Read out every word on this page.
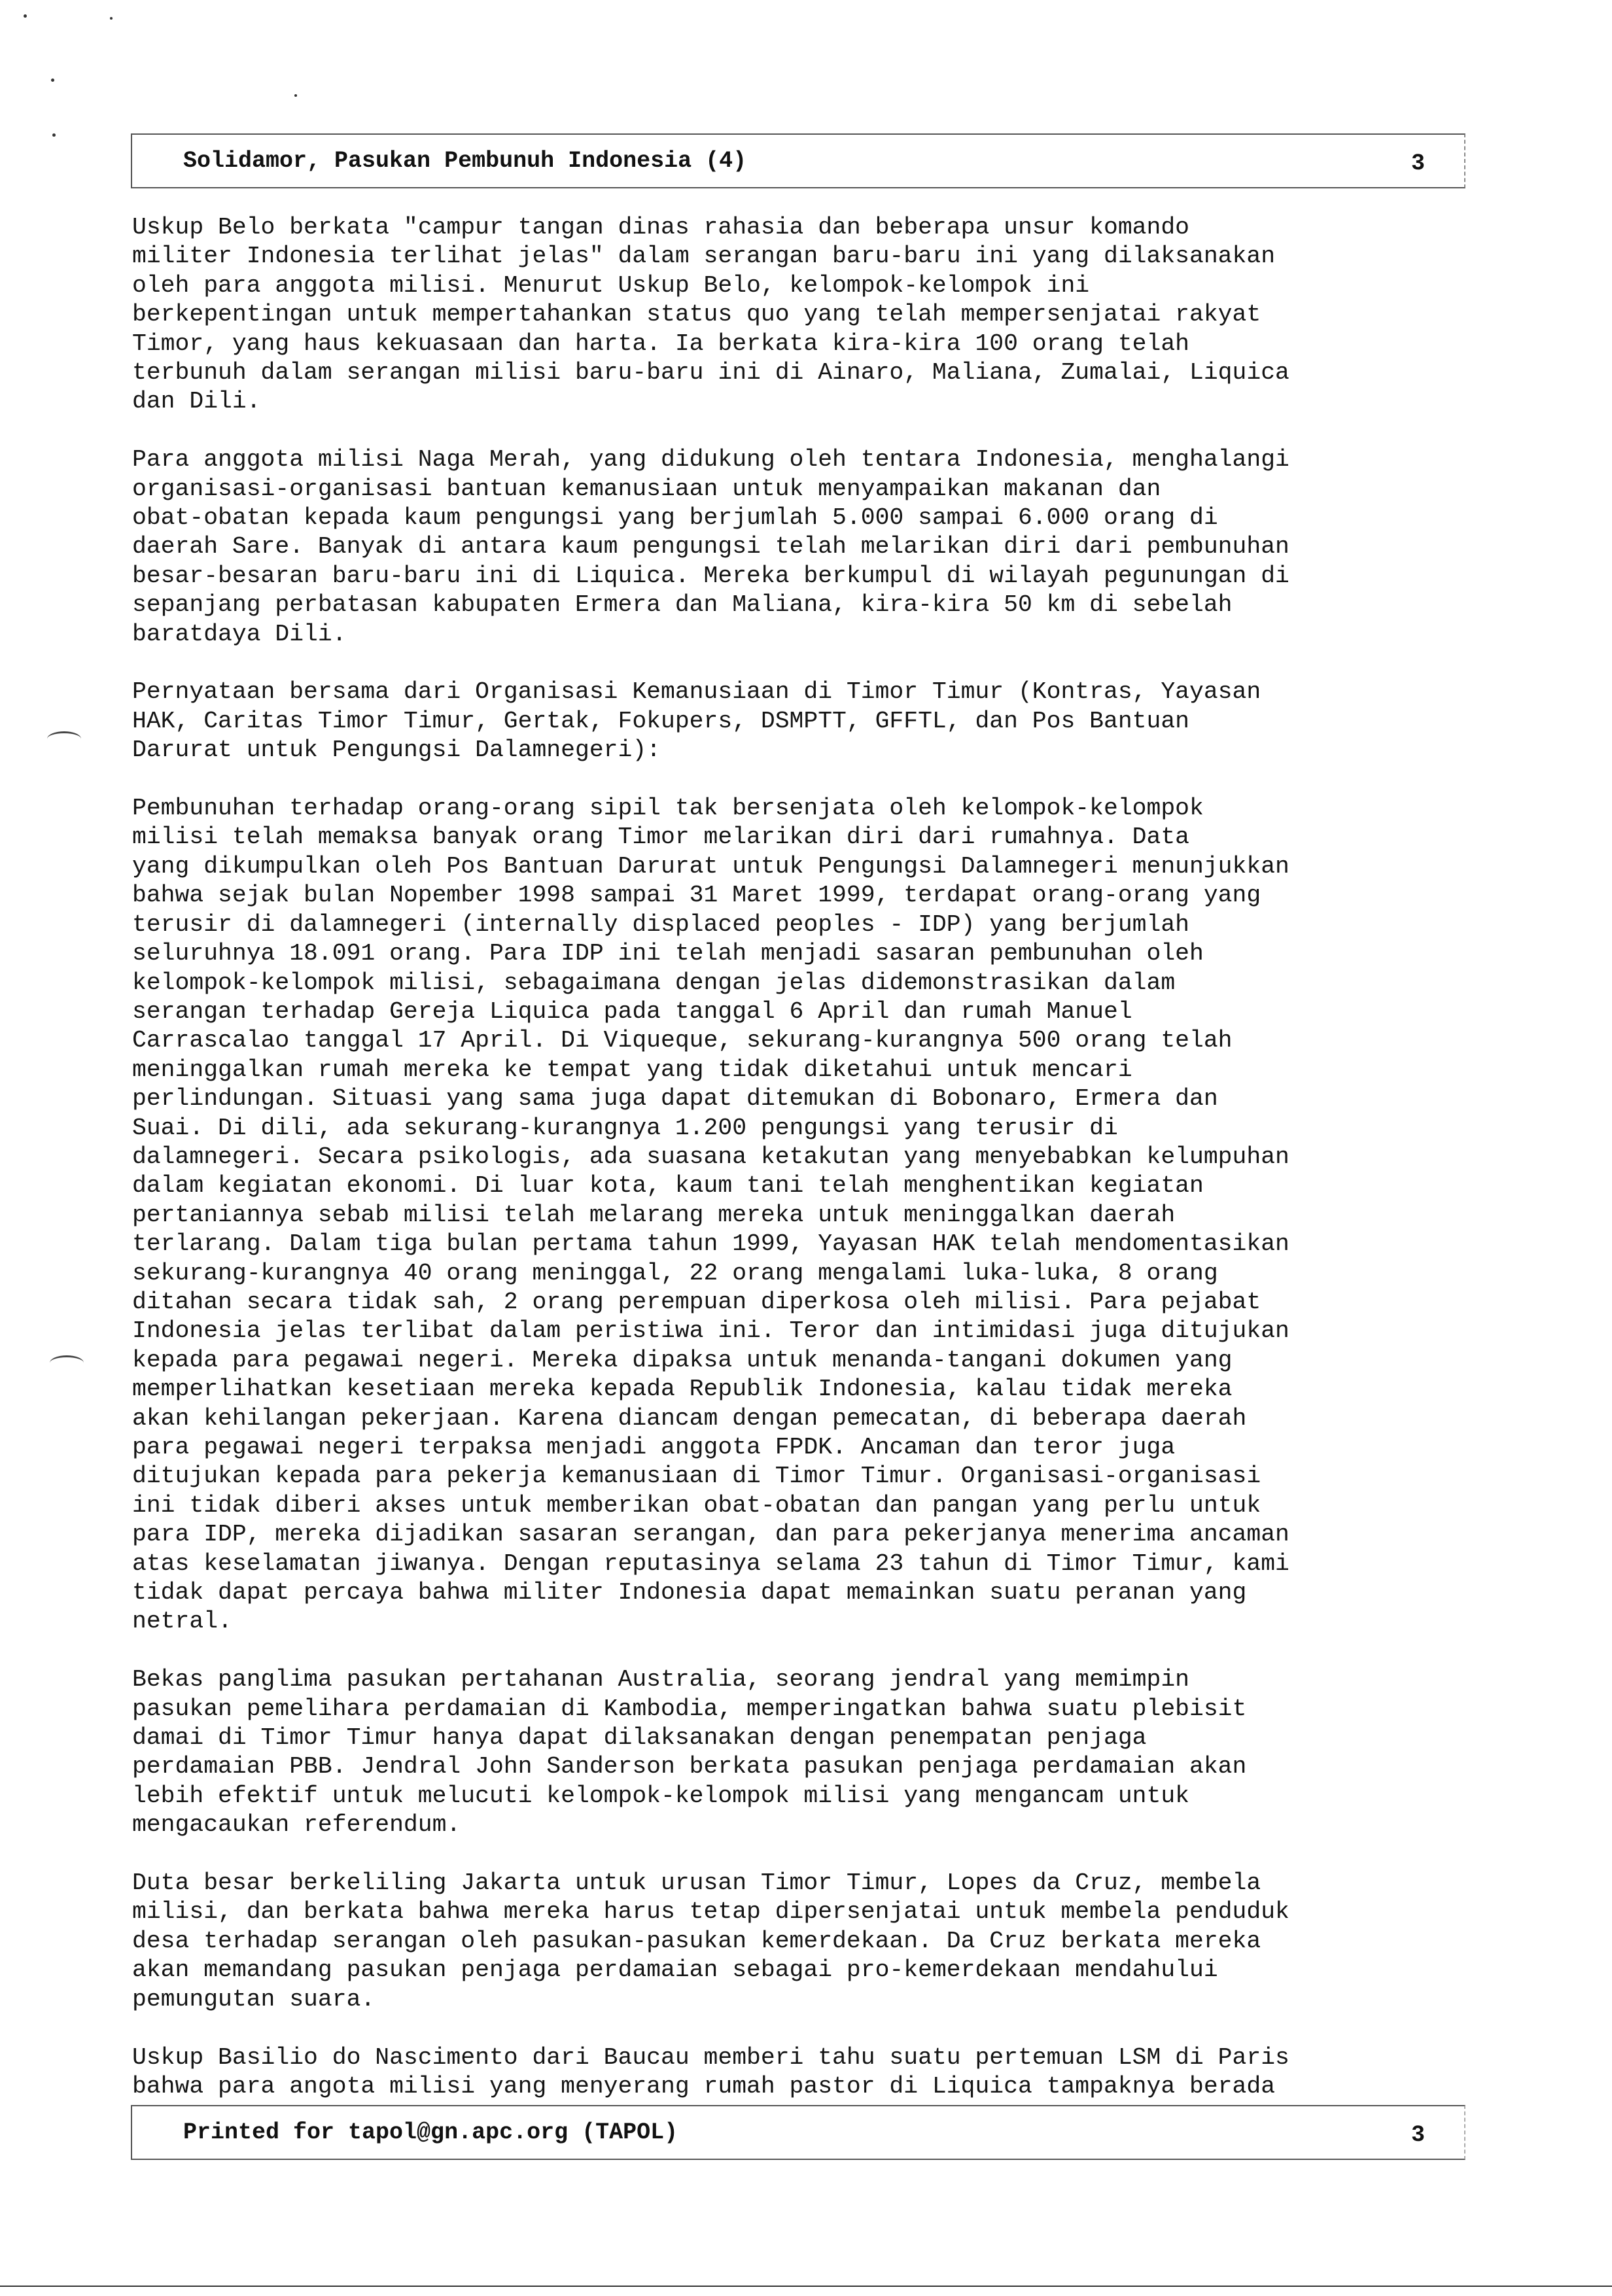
Solidamor, Pasukan Pembunuh Indonesia (4)	3

Uskup Belo berkata "campur tangan dinas rahasia dan beberapa unsur komando
militer Indonesia terlihat jelas" dalam serangan baru-baru ini yang dilaksanakan
oleh para anggota milisi. Menurut Uskup Belo, kelompok-kelompok ini
berkepentingan untuk mempertahankan status quo yang telah mempersenjatai rakyat
Timor, yang haus kekuasaan dan harta. Ia berkata kira-kira 100 orang telah
terbunuh dalam serangan milisi baru-baru ini di Ainaro, Maliana, Zumalai, Liquica
dan Dili.

Para anggota milisi Naga Merah, yang didukung oleh tentara Indonesia, menghalangi
organisasi-organisasi bantuan kemanusiaan untuk menyampaikan makanan dan
obat-obatan kepada kaum pengungsi yang berjumlah 5.000 sampai 6.000 orang di
daerah Sare. Banyak di antara kaum pengungsi telah melarikan diri dari pembunuhan
besar-besaran baru-baru ini di Liquica. Mereka berkumpul di wilayah pegunungan di
sepanjang perbatasan kabupaten Ermera dan Maliana, kira-kira 50 km di sebelah
baratdaya Dili.

Pernyataan bersama dari Organisasi Kemanusiaan di Timor Timur (Kontras, Yayasan
HAK, Caritas Timor Timur, Gertak, Fokupers, DSMPTT, GFFTL, dan Pos Bantuan
Darurat untuk Pengungsi Dalamnegeri):

Pembunuhan terhadap orang-orang sipil tak bersenjata oleh kelompok-kelompok
milisi telah memaksa banyak orang Timor melarikan diri dari rumahnya. Data
yang dikumpulkan oleh Pos Bantuan Darurat untuk Pengungsi Dalamnegeri menunjukkan
bahwa sejak bulan Nopember 1998 sampai 31 Maret 1999, terdapat orang-orang yang
terusir di dalamnegeri (internally displaced peoples - IDP) yang berjumlah
seluruhnya 18.091 orang. Para IDP ini telah menjadi sasaran pembunuhan oleh
kelompok-kelompok milisi, sebagaimana dengan jelas didemonstrasikan dalam
serangan terhadap Gereja Liquica pada tanggal 6 April dan rumah Manuel
Carrascalao tanggal 17 April. Di Viqueque, sekurang-kurangnya 500 orang telah
meninggalkan rumah mereka ke tempat yang tidak diketahui untuk mencari
perlindungan. Situasi yang sama juga dapat ditemukan di Bobonaro, Ermera dan
Suai. Di dili, ada sekurang-kurangnya 1.200 pengungsi yang terusir di
dalamnegeri. Secara psikologis, ada suasana ketakutan yang menyebabkan kelumpuhan
dalam kegiatan ekonomi. Di luar kota, kaum tani telah menghentikan kegiatan
pertaniannya sebab milisi telah melarang mereka untuk meninggalkan daerah
terlarang. Dalam tiga bulan pertama tahun 1999, Yayasan HAK telah mendomentasikan
sekurang-kurangnya 40 orang meninggal, 22 orang mengalami luka-luka, 8 orang
ditahan secara tidak sah, 2 orang perempuan diperkosa oleh milisi. Para pejabat
Indonesia jelas terlibat dalam peristiwa ini. Teror dan intimidasi juga ditujukan
kepada para pegawai negeri. Mereka dipaksa untuk menanda-tangani dokumen yang
memperlihatkan kesetiaan mereka kepada Republik Indonesia, kalau tidak mereka
akan kehilangan pekerjaan. Karena diancam dengan pemecatan, di beberapa daerah
para pegawai negeri terpaksa menjadi anggota FPDK. Ancaman dan teror juga
ditujukan kepada para pekerja kemanusiaan di Timor Timur. Organisasi-organisasi
ini tidak diberi akses untuk memberikan obat-obatan dan pangan yang perlu untuk
para IDP, mereka dijadikan sasaran serangan, dan para pekerjanya menerima ancaman
atas keselamatan jiwanya. Dengan reputasinya selama 23 tahun di Timor Timur, kami
tidak dapat percaya bahwa militer Indonesia dapat memainkan suatu peranan yang
netral.

Bekas panglima pasukan pertahanan Australia, seorang jendral yang memimpin
pasukan pemelihara perdamaian di Kambodia, memperingatkan bahwa suatu plebisit
damai di Timor Timur hanya dapat dilaksanakan dengan penempatan penjaga
perdamaian PBB. Jendral John Sanderson berkata pasukan penjaga perdamaian akan
lebih efektif untuk melucuti kelompok-kelompok milisi yang mengancam untuk
mengacaukan referendum.

Duta besar berkeliling Jakarta untuk urusan Timor Timur, Lopes da Cruz, membela
milisi, dan berkata bahwa mereka harus tetap dipersenjatai untuk membela penduduk
desa terhadap serangan oleh pasukan-pasukan kemerdekaan. Da Cruz berkata mereka
akan memandang pasukan penjaga perdamaian sebagai pro-kemerdekaan mendahului
pemungutan suara.

Uskup Basilio do Nascimento dari Baucau memberi tahu suatu pertemuan LSM di Paris
bahwa para angota milisi yang menyerang rumah pastor di Liquica tampaknya berada

Printed for tapol@gn.apc.org (TAPOL)	3
